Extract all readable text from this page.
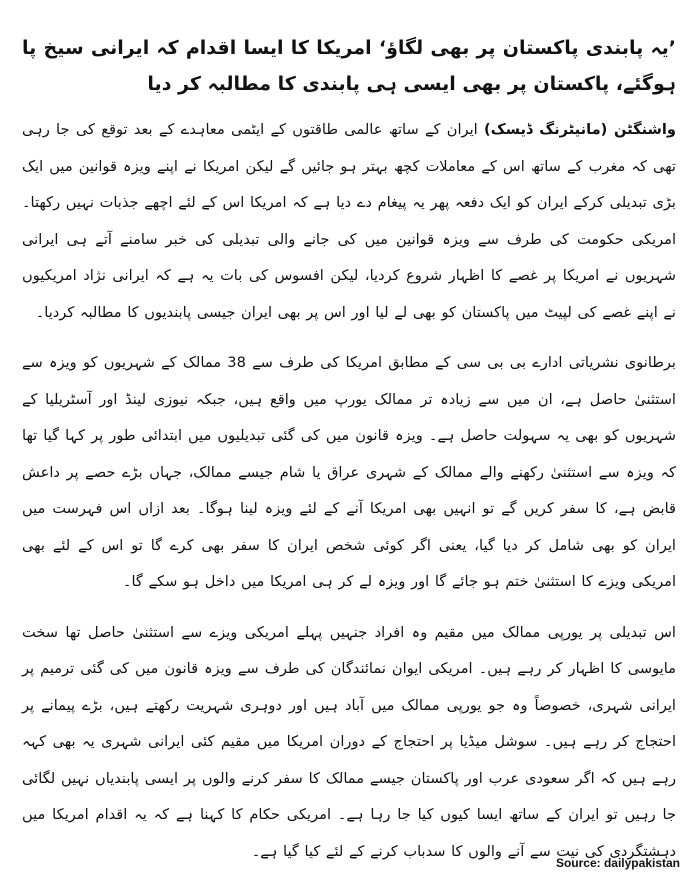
’یہ پابندی پاکستان پر بھی لگاؤ‘ امریکا کا ایسا اقدام کہ ایرانی سیخ پا ہوگئے، پاکستان پر بھی ایسی ہی پابندی کا مطالبہ کر دیا

واشنگٹن (مانیٹرنگ ڈیسک) ایران کے ساتھ عالمی طاقتوں کے ایٹمی معاہدے کے بعد توقع کی جا رہی تھی کہ مغرب کے ساتھ اس کے معاملات کچھ بہتر ہو جائیں گے لیکن امریکا نے اپنے ویزہ قوانین میں ایک بڑی تبدیلی کرکے ایران کو ایک دفعہ پھر یہ پیغام دے دیا ہے کہ امریکا اس کے لئے اچھے جذبات نہیں رکھتا۔ امریکی حکومت کی طرف سے ویزہ قوانین میں کی جانے والی تبدیلی کی خبر سامنے آتے ہی ایرانی شہریوں نے امریکا پر غصے کا اظہار شروع کردیا، لیکن افسوس کی بات یہ ہے کہ ایرانی نژاد امریکیوں نے اپنے غصے کی لپیٹ میں پاکستان کو بھی لے لیا اور اس پر بھی ایران جیسی پابندیوں کا مطالبہ کردیا۔

برطانوی نشریاتی ادارے بی بی سی کے مطابق امریکا کی طرف سے 38 ممالک کے شہریوں کو ویزہ سے استثنیٰ حاصل ہے، ان میں سے زیادہ تر ممالک یورپ میں واقع ہیں، جبکہ نیوزی لینڈ اور آسٹریلیا کے شہریوں کو بھی یہ سہولت حاصل ہے۔ ویزہ قانون میں کی گئی تبدیلیوں میں ابتدائی طور پر کہا گیا تھا کہ ویزہ سے استثنیٰ رکھنے والے ممالک کے شہری عراق یا شام جیسے ممالک، جہاں بڑے حصے پر داعش قابض ہے، کا سفر کریں گے تو انہیں بھی امریکا آنے کے لئے ویزہ لینا ہوگا۔ بعد ازاں اس فہرست میں ایران کو بھی شامل کر دیا گیا، یعنی اگر کوئی شخص ایران کا سفر بھی کرے گا تو اس کے لئے بھی امریکی ویزے کا استثنیٰ ختم ہو جائے گا اور ویزہ لے کر ہی امریکا میں داخل ہو سکے گا۔

اس تبدیلی پر یورپی ممالک میں مقیم وہ افراد جنہیں پہلے امریکی ویزے سے استثنیٰ حاصل تھا سخت مایوسی کا اظہار کر رہے ہیں۔ امریکی ایوان نمائندگان کی طرف سے ویزہ قانون میں کی گئی ترمیم پر ایرانی شہری، خصوصاً وہ جو یورپی ممالک میں آباد ہیں اور دوہری شہریت رکھتے ہیں، بڑے پیمانے پر احتجاج کر رہے ہیں۔ سوشل میڈیا پر احتجاج کے دوران امریکا میں مقیم کئی ایرانی شہری یہ بھی کہہ رہے ہیں کہ اگر سعودی عرب اور پاکستان جیسے ممالک کا سفر کرنے والوں پر ایسی پابندیاں نہیں لگائی جا رہیں تو ایران کے ساتھ ایسا کیوں کیا جا رہا ہے۔ امریکی حکام کا کہنا ہے کہ یہ اقدام امریکا میں دہشتگردی کی نیت سے آنے والوں کا سدباب کرنے کے لئے کیا گیا ہے۔

Source: dailypakistan
